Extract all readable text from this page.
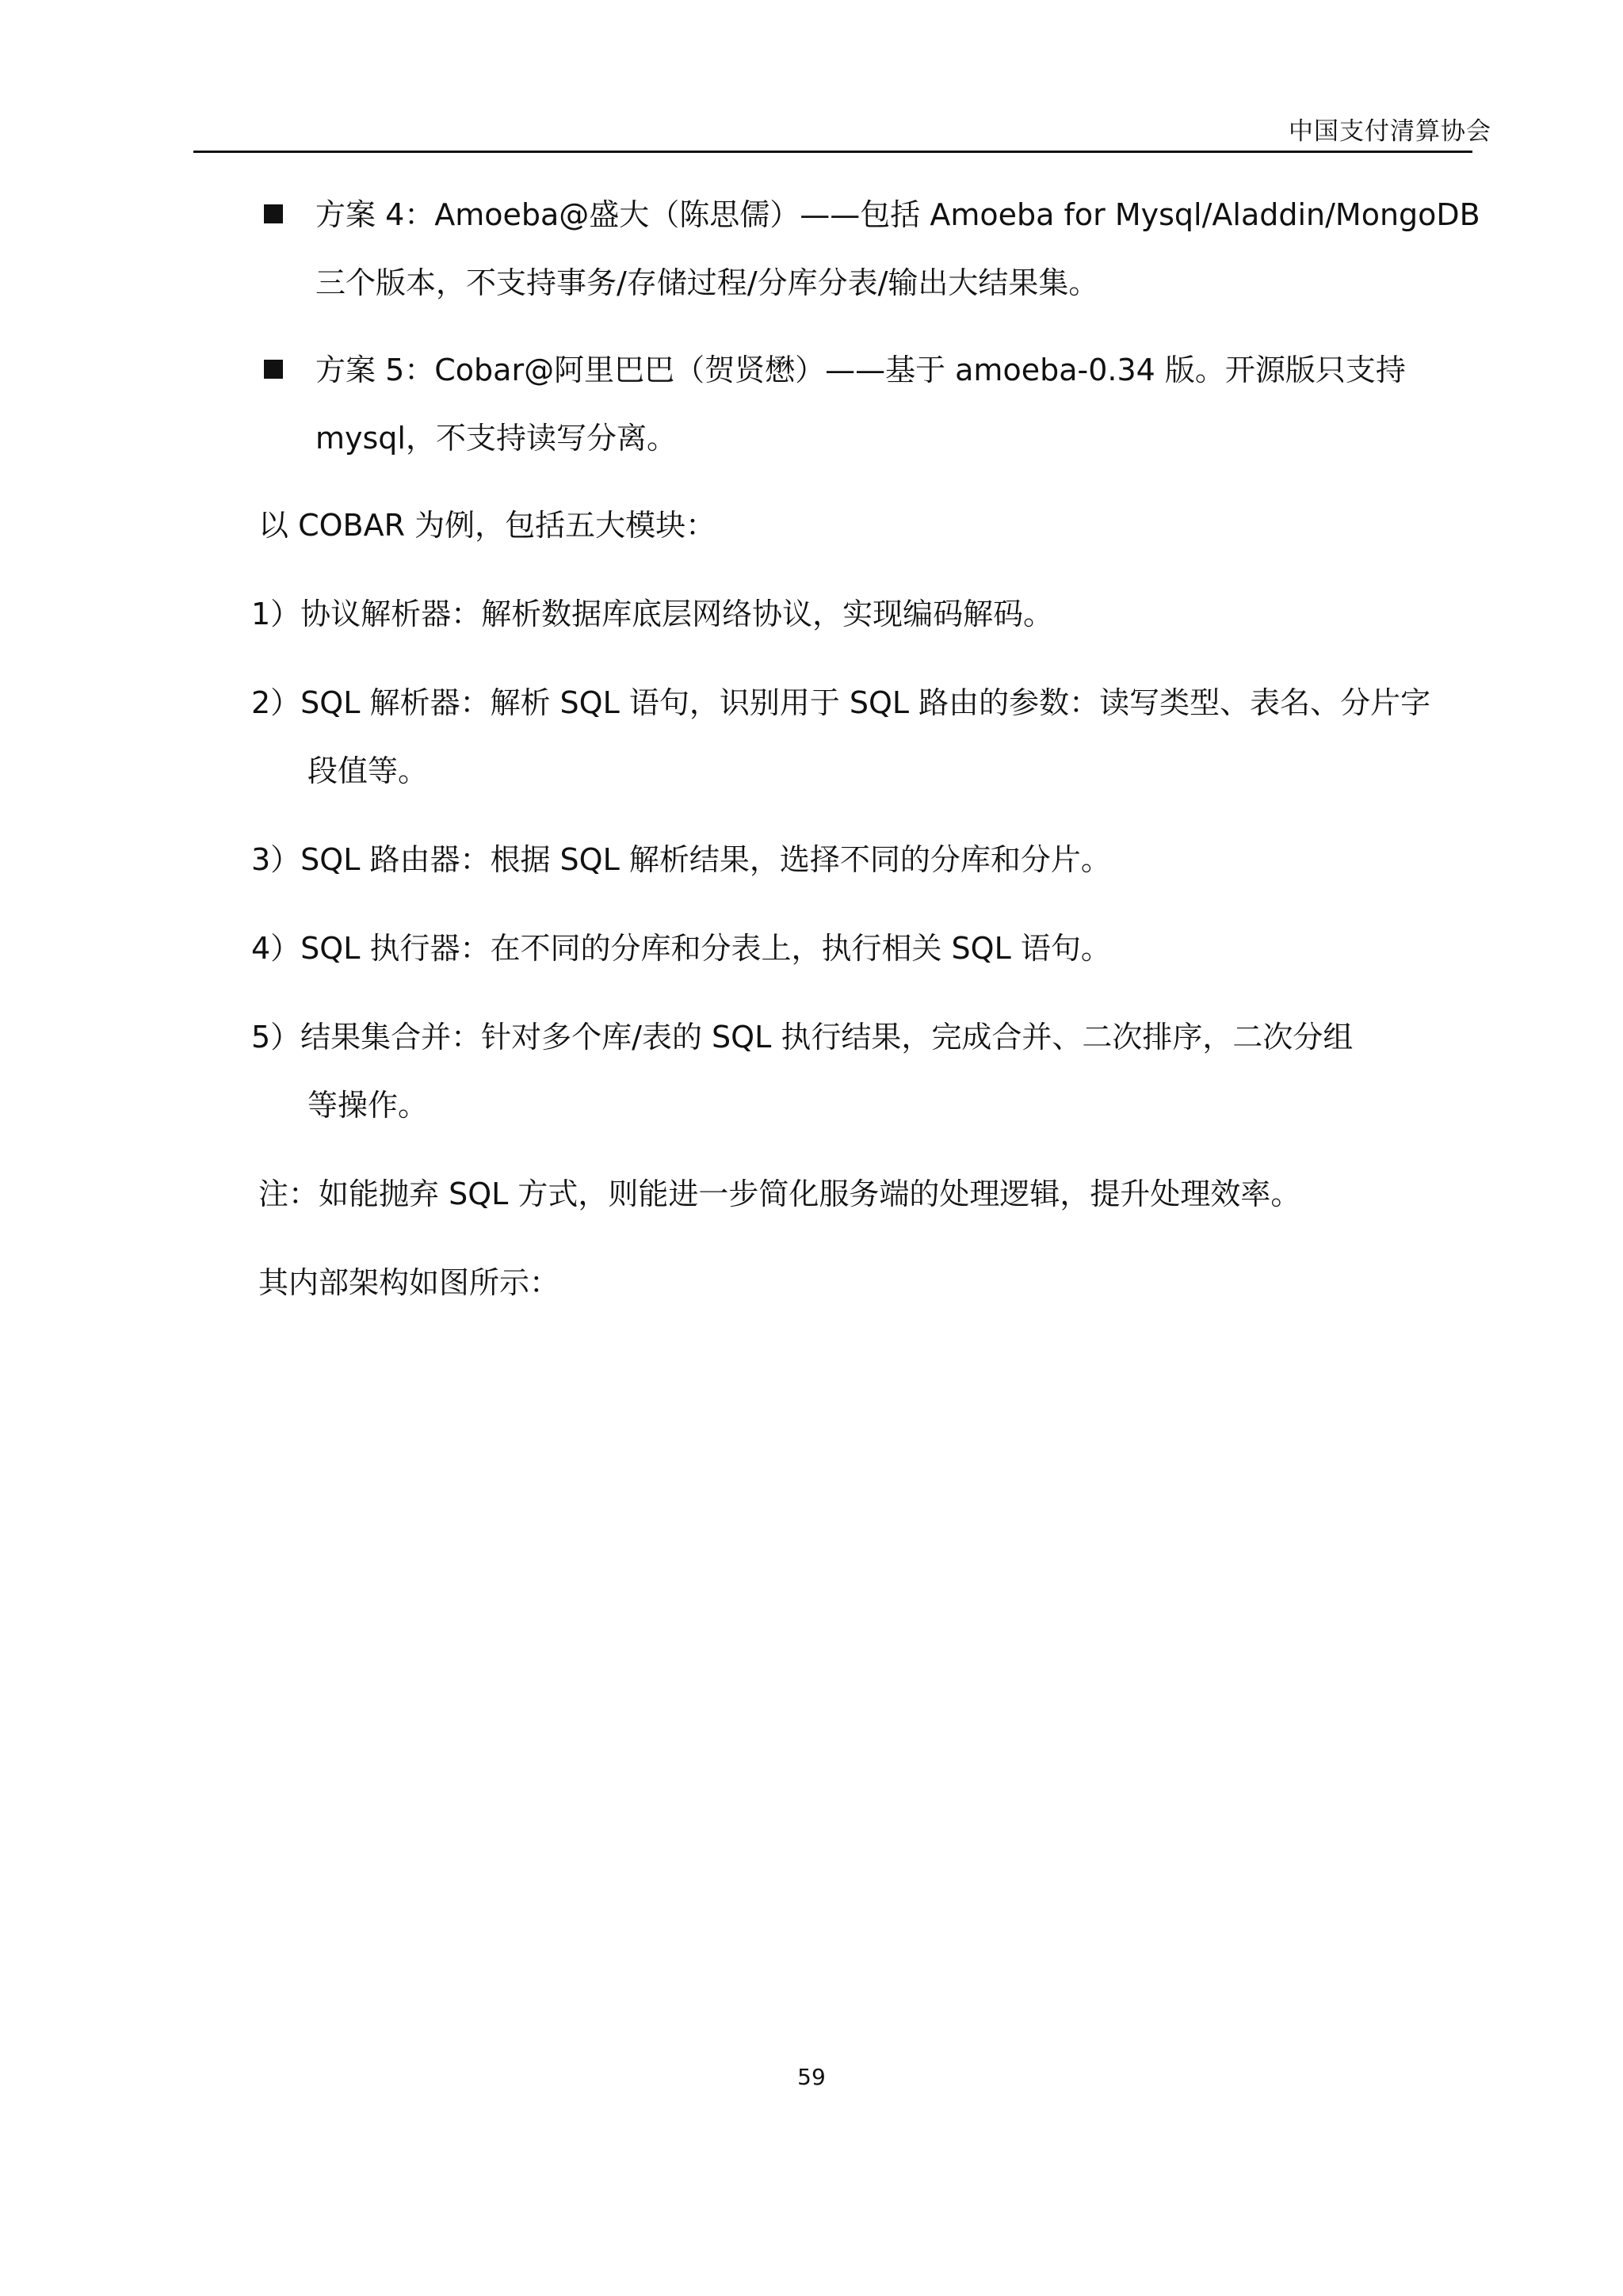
中国支付清算协会
方案 4：Amoeba@盛大（陈思儒）——包括 Amoeba for Mysql/Aladdin/MongoDB
三个版本，不支持事务/存储过程/分库分表/输出大结果集。
方案 5：Cobar@阿里巴巴（贺贤懋）——基于 amoeba-0.34 版。开源版只支持
mysql，不支持读写分离。
以 COBAR 为例，包括五大模块：
1）协议解析器：解析数据库底层网络协议，实现编码解码。
2）SQL 解析器：解析 SQL 语句，识别用于 SQL 路由的参数：读写类型、表名、分片字
段值等。
3）SQL 路由器：根据 SQL 解析结果，选择不同的分库和分片。
4）SQL 执行器：在不同的分库和分表上，执行相关 SQL 语句。
5）结果集合并：针对多个库/表的 SQL 执行结果，完成合并、二次排序，二次分组
等操作。
注：如能抛弃 SQL 方式，则能进一步简化服务端的处理逻辑，提升处理效率。
其内部架构如图所示：
59
